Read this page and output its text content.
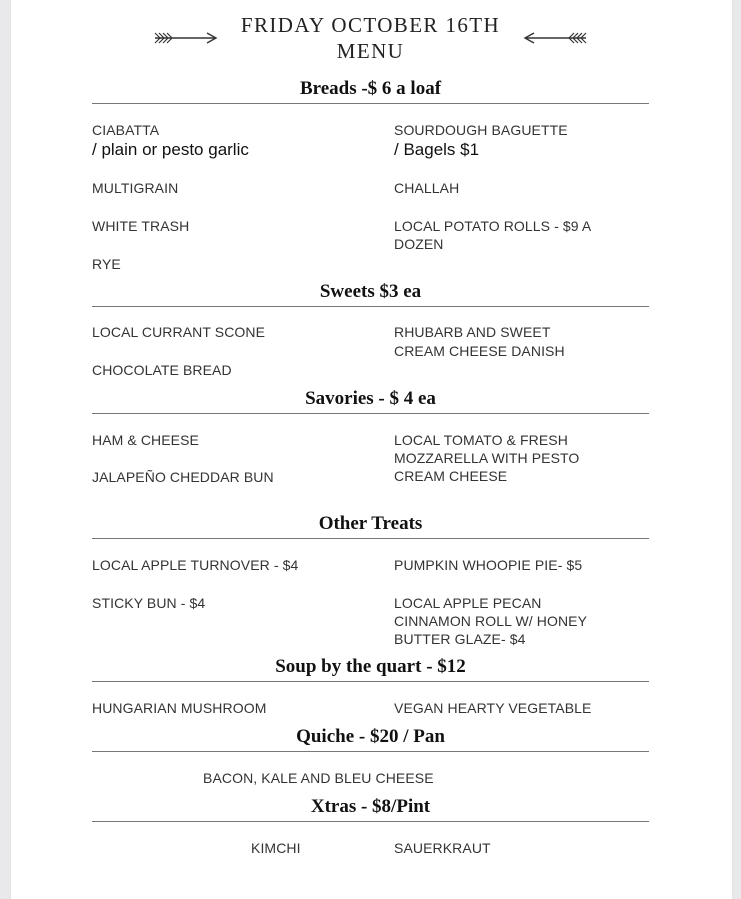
FRIDAY OCTOBER 16TH
MENU
Breads -$ 6 a loaf
CIABATTA
/ plain or pesto garlic
SOURDOUGH BAGUETTE
/ Bagels $1
MULTIGRAIN	CHALLAH
WHITE TRASH	LOCAL POTATO ROLLS - $9 A
DOZEN
RYE
Sweets $3 ea
LOCAL CURRANT SCONE	RHUBARB AND SWEET
CREAM CHEESE DANISH
CHOCOLATE BREAD
Savories - $ 4 ea
HAM & CHEESE	LOCAL TOMATO & FRESH
MOZZARELLA WITH PESTO
CREAM CHEESE
JALAPEÑO CHEDDAR BUN
Other Treats
LOCAL APPLE TURNOVER - $4	PUMPKIN WHOOPIE PIE- $5
STICKY BUN - $4	LOCAL APPLE PECAN
CINNAMON ROLL W/ HONEY
BUTTER GLAZE- $4
Soup by the quart - $12
HUNGARIAN MUSHROOM	VEGAN HEARTY VEGETABLE
Quiche - $20 / Pan
BACON, KALE AND BLEU CHEESE
Xtras - $8/Pint
KIMCHI	SAUERKRAUT
